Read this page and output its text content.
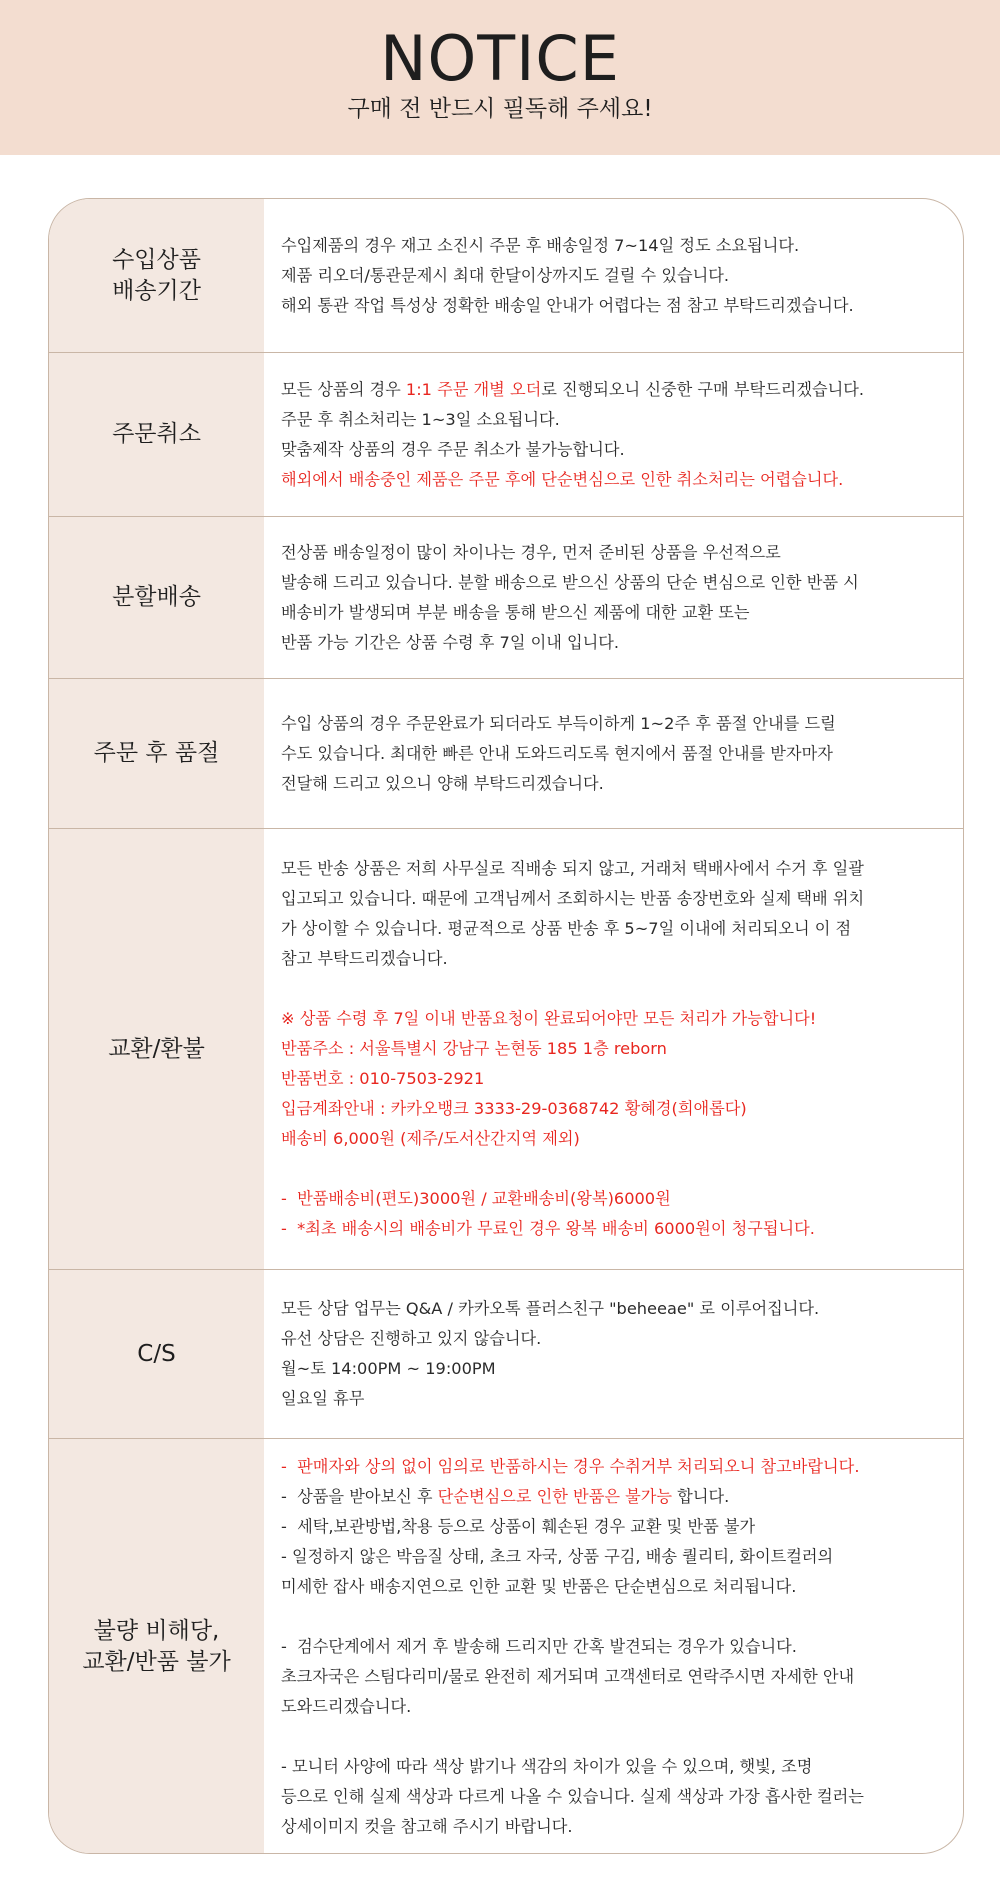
NOTICE
구매 전 반드시 필독해 주세요!
수입상품
배송기간
수입제품의 경우 재고 소진시 주문 후 배송일정 7~14일 정도 소요됩니다.
제품 리오더/통관문제시 최대 한달이상까지도 걸릴 수 있습니다.
해외 통관 작업 특성상 정확한 배송일 안내가 어렵다는 점 참고 부탁드리겠습니다.
주문취소
모든 상품의 경우 1:1 주문 개별 오더로 진행되오니 신중한 구매 부탁드리겠습니다.
주문 후 취소처리는 1~3일 소요됩니다.
맞춤제작 상품의 경우 주문 취소가 불가능합니다.
해외에서 배송중인 제품은 주문 후에 단순변심으로 인한 취소처리는 어렵습니다.
분할배송
전상품 배송일정이 많이 차이나는 경우, 먼저 준비된 상품을 우선적으로
발송해 드리고 있습니다. 분할 배송으로 받으신 상품의 단순 변심으로 인한 반품 시
배송비가 발생되며 부분 배송을 통해 받으신 제품에 대한 교환 또는
반품 가능 기간은 상품 수령 후 7일 이내 입니다.
주문 후 품절
수입 상품의 경우 주문완료가 되더라도 부득이하게 1~2주 후 품절 안내를 드릴
수도 있습니다. 최대한 빠른 안내 도와드리도록 현지에서 품절 안내를 받자마자
전달해 드리고 있으니 양해 부탁드리겠습니다.
교환/환불
모든 반송 상품은 저희 사무실로 직배송 되지 않고, 거래처 택배사에서 수거 후 일괄
입고되고 있습니다. 때문에 고객님께서 조회하시는 반품 송장번호와 실제 택배 위치
가 상이할 수 있습니다. 평균적으로 상품 반송 후 5~7일 이내에 처리되오니 이 점
참고 부탁드리겠습니다.
※ 상품 수령 후 7일 이내 반품요청이 완료되어야만 모든 처리가 가능합니다!
반품주소 : 서울특별시 강남구 논현동 185 1층 reborn
반품번호 : 010-7503-2921
입금계좌안내 : 카카오뱅크 3333-29-0368742 황혜경(희애롭다)
배송비 6,000원 (제주/도서산간지역 제외)
-  반품배송비(편도)3000원 / 교환배송비(왕복)6000원
-  *최초 배송시의 배송비가 무료인 경우 왕복 배송비 6000원이 청구됩니다.
C/S
모든 상담 업무는 Q&A / 카카오톡 플러스친구 "beheeae" 로 이루어집니다.
유선 상담은 진행하고 있지 않습니다.
월~토 14:00PM ~ 19:00PM
일요일 휴무
불량 비해당,
교환/반품 불가
-  판매자와 상의 없이 임의로 반품하시는 경우 수취거부 처리되오니 참고바랍니다.
-  상품을 받아보신 후 단순변심으로 인한 반품은 불가능 합니다.
-  세탁,보관방법,착용 등으로 상품이 훼손된 경우 교환 및 반품 불가
- 일정하지 않은 박음질 상태, 초크 자국, 상품 구김, 배송 퀄리티, 화이트컬러의
미세한 잡사 배송지연으로 인한 교환 및 반품은 단순변심으로 처리됩니다.
-  검수단계에서 제거 후 발송해 드리지만 간혹 발견되는 경우가 있습니다.
초크자국은 스팀다리미/물로 완전히 제거되며 고객센터로 연락주시면 자세한 안내
도와드리겠습니다.
- 모니터 사양에 따라 색상 밝기나 색감의 차이가 있을 수 있으며, 햇빛, 조명
등으로 인해 실제 색상과 다르게 나올 수 있습니다. 실제 색상과 가장 흡사한 컬러는
상세이미지 컷을 참고해 주시기 바랍니다.
